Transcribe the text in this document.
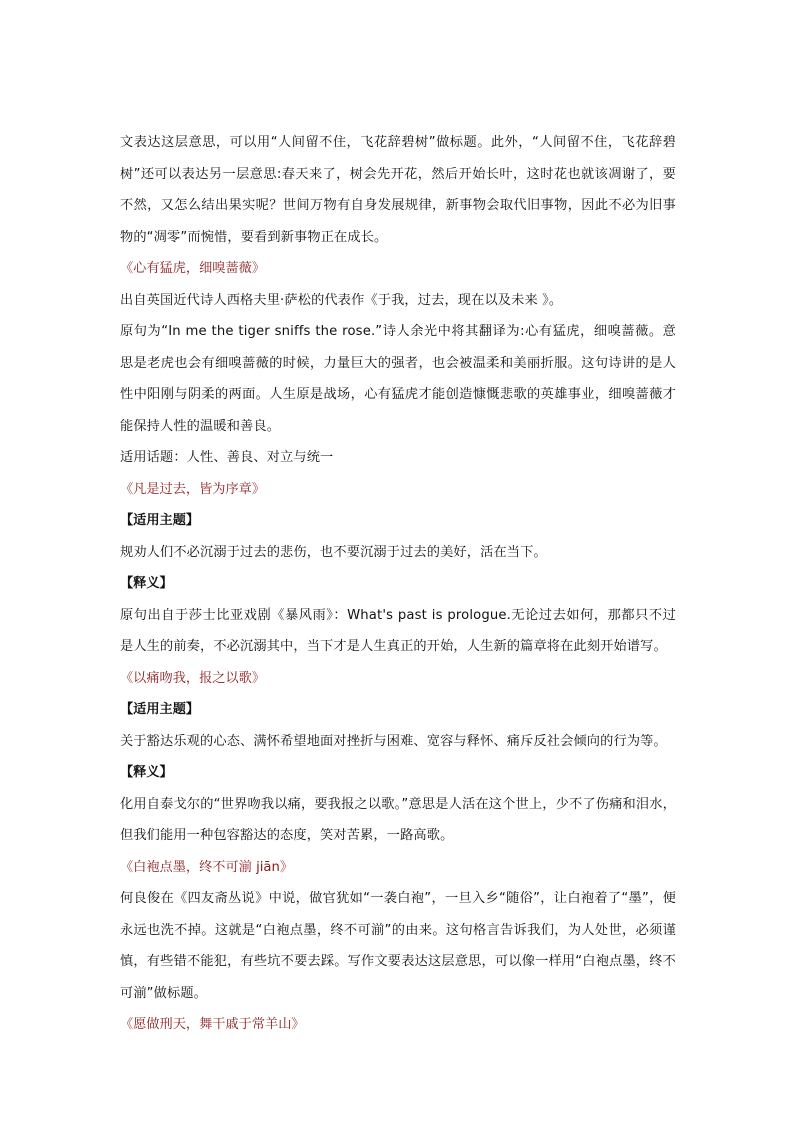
文表达这层意思，可以用“人间留不住，飞花辞碧树”做标题。此外，“人间留不住，飞花辞碧树”还可以表达另一层意思:春天来了，树会先开花，然后开始长叶，这时花也就该凋谢了，要不然，又怎么结出果实呢？世间万物有自身发展规律，新事物会取代旧事物，因此不必为旧事物的“凋零”而惋惜，要看到新事物正在成长。

《心有猛虎，细嗅蔷薇》

出自英国近代诗人西格夫里·萨松的代表作《于我，过去，现在以及未来 》。

原句为“In me the tiger sniffs the rose.”诗人余光中将其翻译为:心有猛虎，细嗅蔷薇。意思是老虎也会有细嗅蔷薇的时候，力量巨大的强者，也会被温柔和美丽折服。这句诗讲的是人性中阳刚与阴柔的两面。人生原是战场，心有猛虎才能创造慷慨悲歌的英雄事业，细嗅蔷薇才能保持人性的温暖和善良。

适用话题：人性、善良、对立与统一

《凡是过去，皆为序章》

【适用主题】

规劝人们不必沉溺于过去的悲伤，也不要沉溺于过去的美好，活在当下。

【释义】

原句出自于莎士比亚戏剧《暴风雨》：What's past is prologue.无论过去如何，那都只不过是人生的前奏，不必沉溺其中，当下才是人生真正的开始，人生新的篇章将在此刻开始谱写。

《以痛吻我，报之以歌》

【适用主题】

关于豁达乐观的心态、满怀希望地面对挫折与困难、宽容与释怀、痛斥反社会倾向的行为等。

【释义】

化用自泰戈尔的“世界吻我以痛，要我报之以歌。”意思是人活在这个世上，少不了伤痛和泪水，但我们能用一种包容豁达的态度，笑对苦累，一路高歌。

《白袍点墨，终不可湔 jiān》

何良俊在《四友斋丛说》中说，做官犹如“一袭白袍”，一旦入乡“随俗”，让白袍着了“墨”，便永远也洗不掉。这就是“白袍点墨，终不可湔”的由来。这句格言告诉我们，为人处世，必须谨慎，有些错不能犯，有些坑不要去踩。写作文要表达这层意思，可以像一样用“白袍点墨，终不可湔”做标题。

《愿做刑天，舞干戚于常羊山》
